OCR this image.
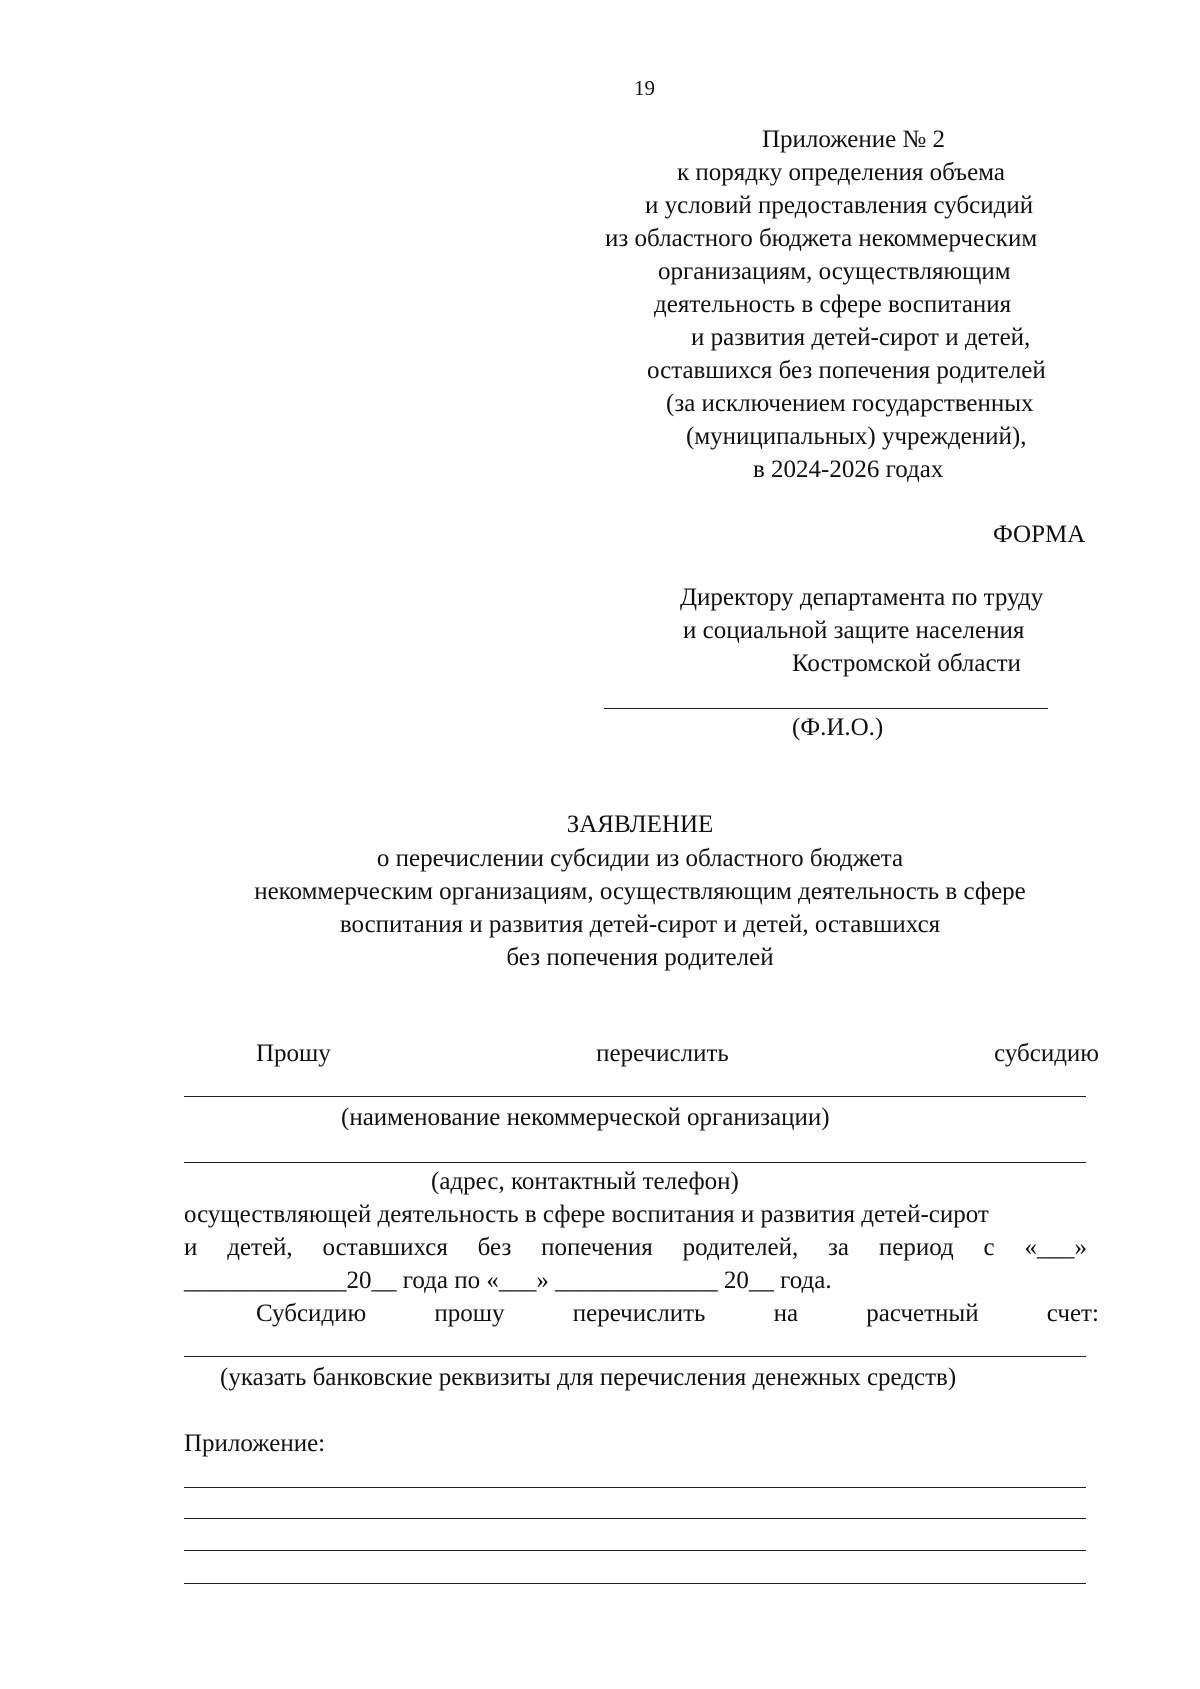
19
Приложение № 2
к порядку определения объема
и условий предоставления субсидий
из областного бюджета некоммерческим
организациям, осуществляющим
деятельность в сфере воспитания
и развития детей-сирот и детей,
оставшихся без попечения родителей
(за исключением государственных
(муниципальных) учреждений),
в 2024-2026 годах
ФОРМА
Директору департамента по труду
и социальной защите населения
Костромской области
(Ф.И.О.)
ЗАЯВЛЕНИЕ
о перечислении субсидии из областного бюджета
некоммерческим организациям, осуществляющим деятельность в сфере
воспитания и развития детей-сирот и детей, оставшихся
без попечения родителей
Прошу	перечислить	субсидию
(наименование некоммерческой организации)
(адрес, контактный телефон)
осуществляющей деятельность в сфере воспитания и развития детей-сирот
и детей, оставшихся без попечения родителей, за период с «___»
_____________20__ года по «___» _____________ 20__ года.
Субсидию	прошу	перечислить	на	расчетный	счет:
(указать банковские реквизиты для перечисления денежных средств)
Приложение:
